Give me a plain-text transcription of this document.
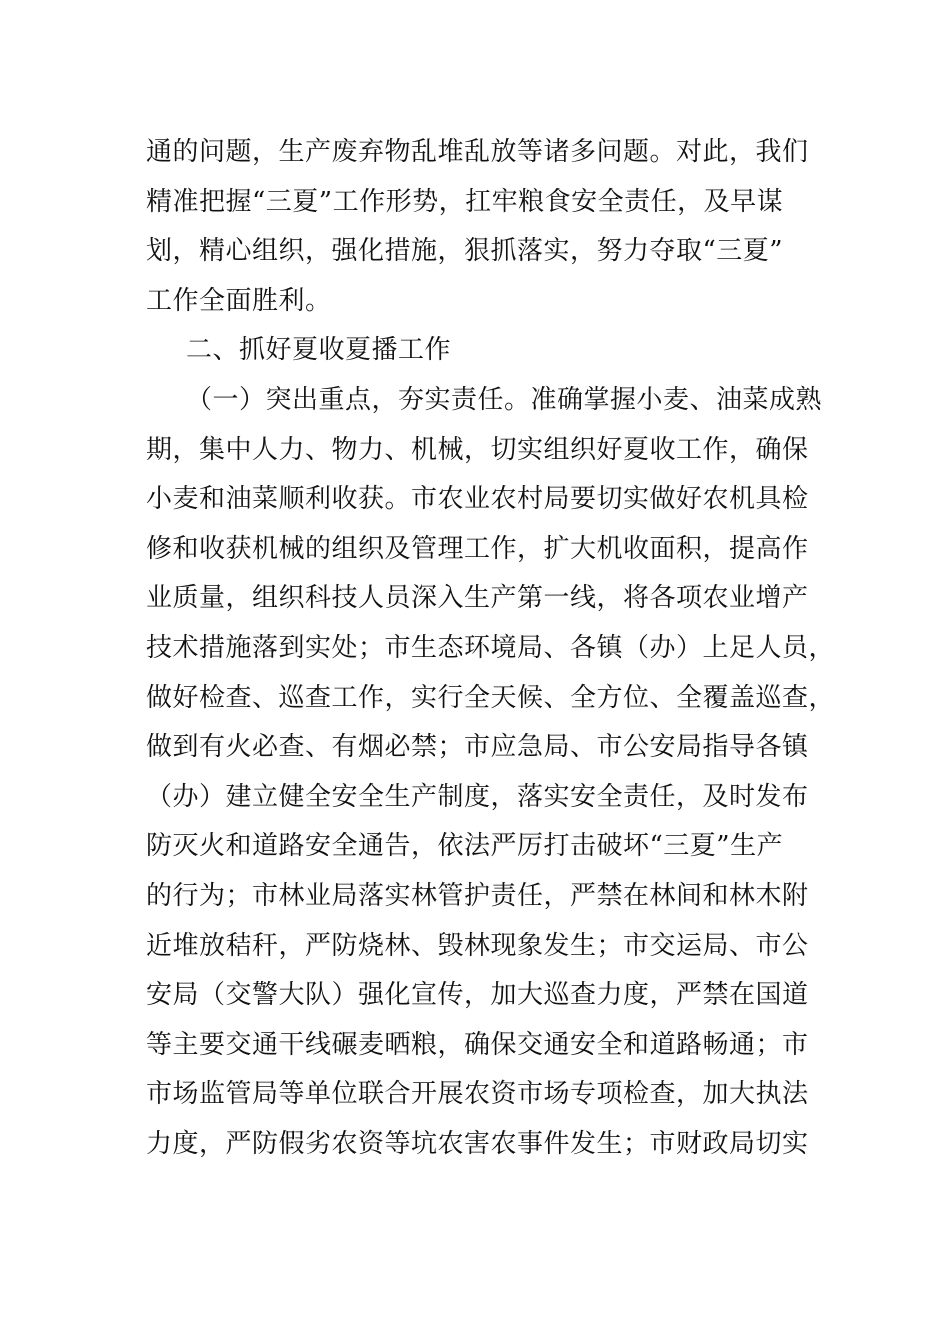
通的问题，生产废弃物乱堆乱放等诸多问题。对此，我们
精准把握“三夏”工作形势，扛牢粮食安全责任，及早谋
划，精心组织，强化措施，狠抓落实，努力夺取“三夏”
工作全面胜利。
二、抓好夏收夏播工作
（一）突出重点，夯实责任。准确掌握小麦、油菜成熟
期，集中人力、物力、机械，切实组织好夏收工作，确保
小麦和油菜顺利收获。市农业农村局要切实做好农机具检
修和收获机械的组织及管理工作，扩大机收面积，提高作
业质量，组织科技人员深入生产第一线，将各项农业增产
技术措施落到实处；市生态环境局、各镇（办）上足人员，
做好检查、巡查工作，实行全天候、全方位、全覆盖巡查，
做到有火必查、有烟必禁；市应急局、市公安局指导各镇
（办）建立健全安全生产制度，落实安全责任，及时发布
防灭火和道路安全通告，依法严厉打击破坏“三夏”生产
的行为；市林业局落实林管护责任，严禁在林间和林木附
近堆放秸秆，严防烧林、毁林现象发生；市交运局、市公
安局（交警大队）强化宣传，加大巡查力度，严禁在国道
等主要交通干线碾麦晒粮，确保交通安全和道路畅通；市
市场监管局等单位联合开展农资市场专项检查，加大执法
力度，严防假劣农资等坑农害农事件发生；市财政局切实
